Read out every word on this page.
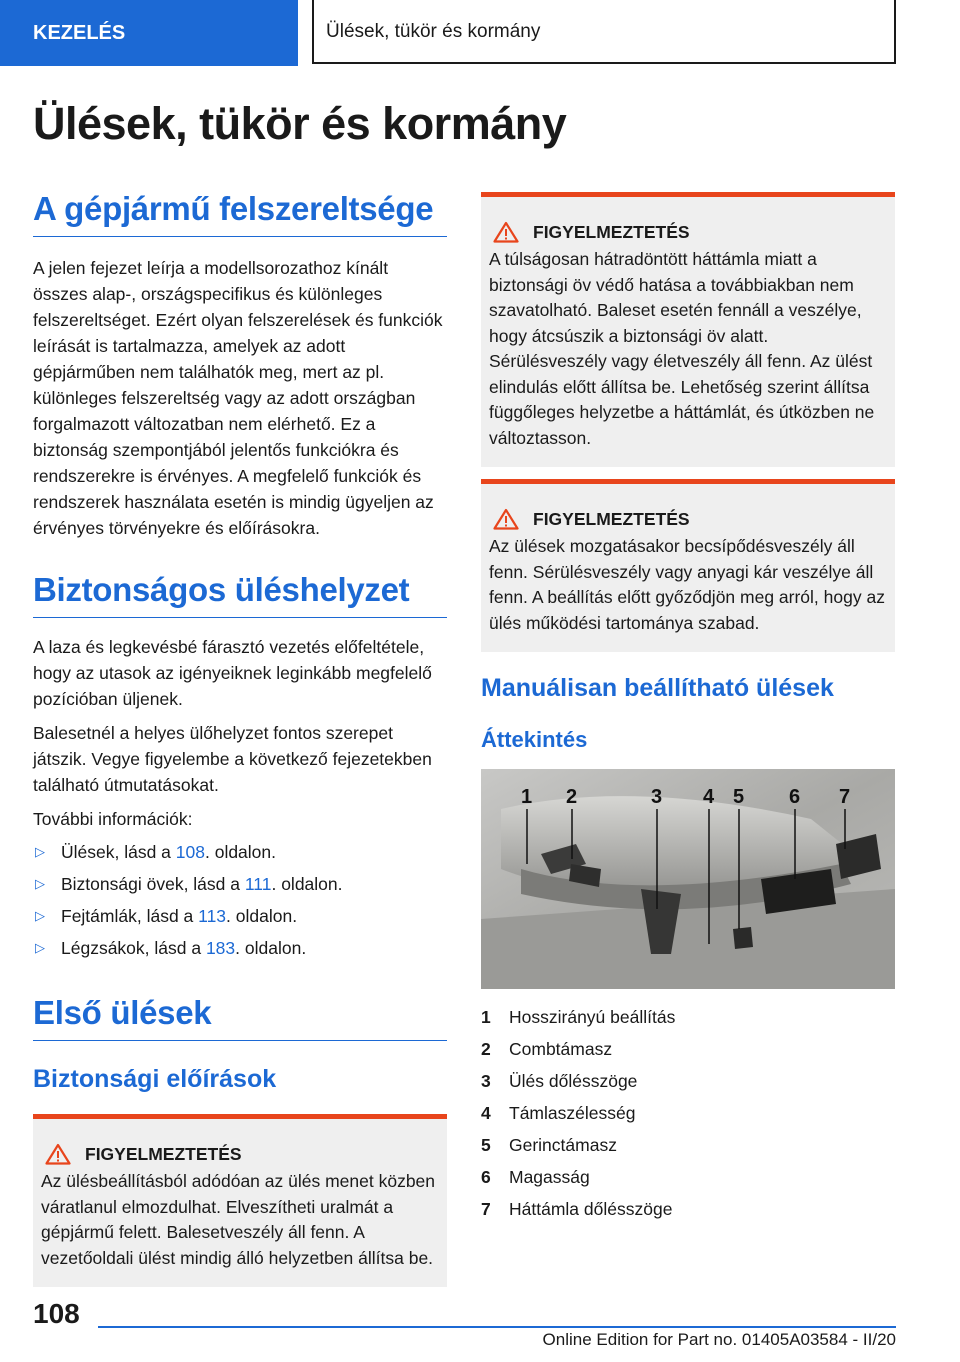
KEZELÉS	Ülések, tükör és kormány
Ülések, tükör és kormány
A gépjármű felszereltsége

A jelen fejezet leírja a modellsorozathoz kínált összes alap-, országspecifikus és különleges felszereltséget. Ezért olyan felszerelések és funkciók leírását is tartalmazza, amelyek az adott gépjárműben nem találhatók meg, mert az pl. különleges felszereltség vagy az adott országban forgalmazott változatban nem elérhető. Ez a biztonság szempontjából jelentős funkciókra és rendszerekre is érvényes. A megfelelő funkciók és rendszerek használata esetén is mindig ügyeljen az érvényes törvényekre és előírásokra.

Biztonságos üléshelyzet

A laza és legkevésbé fárasztó vezetés előfeltétele, hogy az utasok az igényeiknek leginkább megfelelő pozícióban üljenek.

Balesetnél a helyes ülőhelyzet fontos szerepet játszik. Vegye figyelembe a következő fejezetekben található útmutatásokat.

További információk:

▷ Ülések, lásd a 108. oldalon.
▷ Biztonsági övek, lásd a 111. oldalon.
▷ Fejtámlák, lásd a 113. oldalon.
▷ Légzsákok, lásd a 183. oldalon.
Első ülések
Biztonsági előírások
FIGYELMEZTETÉS

Az ülésbeállításból adódóan az ülés menet közben váratlanul elmozdulhat. Elveszítheti uralmát a gépjármű felett. Balesetveszély áll fenn. A vezetőoldali ülést mindig álló helyzetben állítsa be.

FIGYELMEZTETÉS

A túlságosan hátradöntött háttámla miatt a biztonsági öv védő hatása a továbbiakban nem szavatolható. Baleset esetén fennáll a veszélye, hogy átcsúszik a biztonsági öv alatt. Sérülésveszély vagy életveszély áll fenn. Az ülést elindulás előtt állítsa be. Lehetőség szerint állítsa függőleges helyzetbe a háttámlát, és útközben ne változtasson.

FIGYELMEZTETÉS

Az ülések mozgatásakor becsípődésveszély áll fenn. Sérülésveszély vagy anyagi kár veszélye áll fenn. A beállítás előtt győződjön meg arról, hogy az ülés működési tartománya szabad.

Manuálisan beállítható ülések
Áttekintés
1 2	3 4 5 6 7
1 Hosszirányú beállítás
2 Combtámasz
3 Ülés dőlésszöge
4 Támlaszélesség
5 Gerinctámasz
6 Magasság
7 Háttámla dőlésszöge
108
Online Edition for Part no. 01405A03584 - II/20
